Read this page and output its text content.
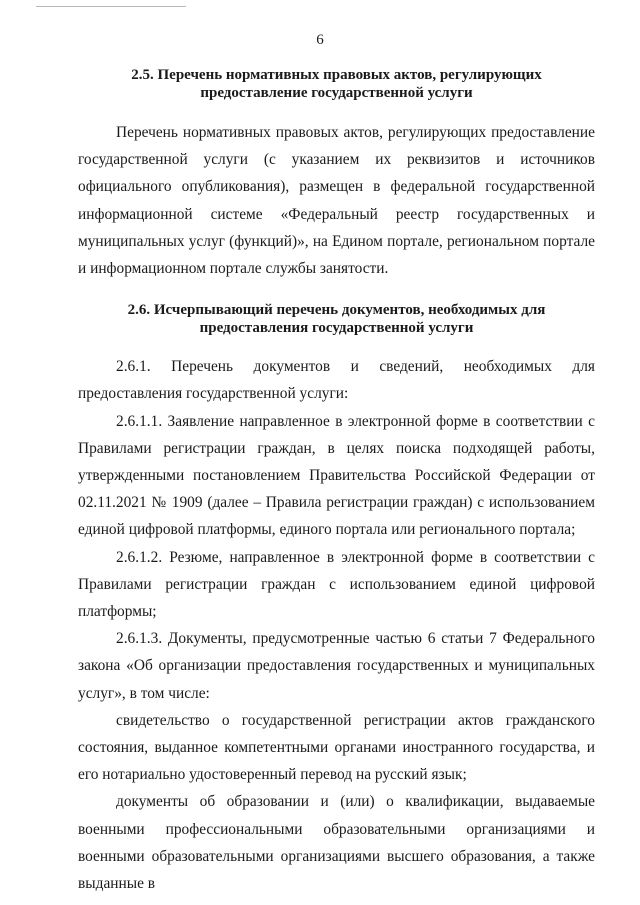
6
2.5. Перечень нормативных правовых актов, регулирующих
предоставление государственной услуги

Перечень нормативных правовых актов, регулирующих предоставление государственной услуги (с указанием их реквизитов и источников официального опубликования), размещен в федеральной государственной информационной системе «Федеральный реестр государственных и муниципальных услуг (функций)», на Едином портале, региональном портале и информационном портале службы занятости.

2.6. Исчерпывающий перечень документов, необходимых для
предоставления государственной услуги

2.6.1. Перечень документов и сведений, необходимых для предоставления государственной услуги:

2.6.1.1. Заявление направленное в электронной форме в соответствии с Правилами регистрации граждан, в целях поиска подходящей работы, утвержденными постановлением Правительства Российской Федерации от 02.11.2021 № 1909 (далее – Правила регистрации граждан) с использованием единой цифровой платформы, единого портала или регионального портала;

2.6.1.2. Резюме, направленное в электронной форме в соответствии с Правилами регистрации граждан с использованием единой цифровой платформы;

2.6.1.3. Документы, предусмотренные частью 6 статьи 7 Федерального закона «Об организации предоставления государственных и муниципальных услуг», в том числе:

свидетельство о государственной регистрации актов гражданского состояния, выданное компетентными органами иностранного государства, и его нотариально удостоверенный перевод на русский язык;

документы об образовании и (или) о квалификации, выдаваемые военными профессиональными образовательными организациями и военными образовательными организациями высшего образования, а также выданные в
